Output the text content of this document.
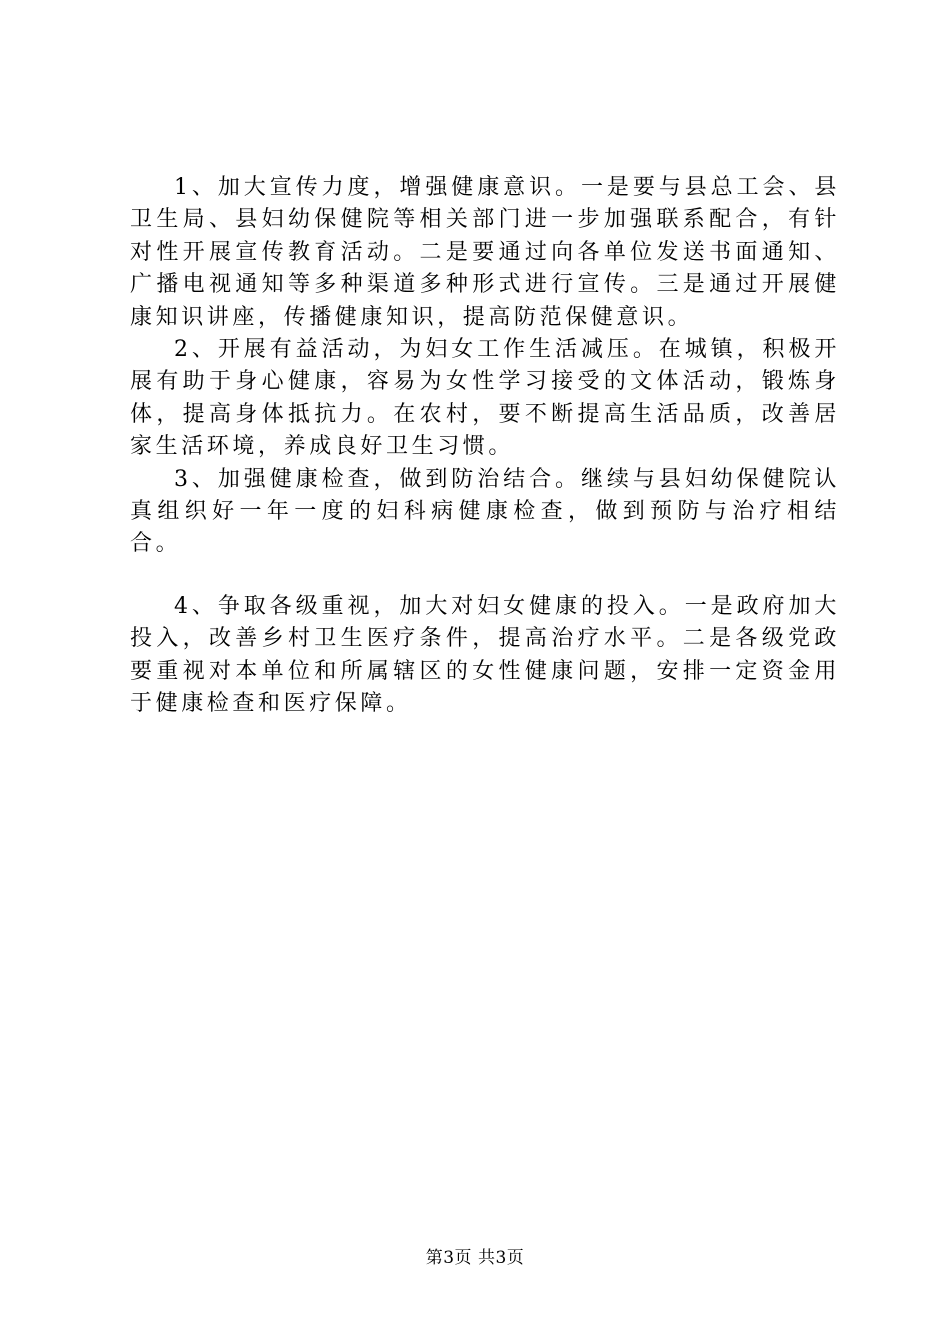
1、加大宣传力度，增强健康意识。一是要与县总工会、县卫生局、县妇幼保健院等相关部门进一步加强联系配合，有针对性开展宣传教育活动。二是要通过向各单位发送书面通知、广播电视通知等多种渠道多种形式进行宣传。三是通过开展健康知识讲座，传播健康知识，提高防范保健意识。

2、开展有益活动，为妇女工作生活减压。在城镇，积极开展有助于身心健康，容易为女性学习接受的文体活动，锻炼身体，提高身体抵抗力。在农村，要不断提高生活品质，改善居家生活环境，养成良好卫生习惯。

3、加强健康检查，做到防治结合。继续与县妇幼保健院认真组织好一年一度的妇科病健康检查，做到预防与治疗相结合。

4、争取各级重视，加大对妇女健康的投入。一是政府加大投入，改善乡村卫生医疗条件，提高治疗水平。二是各级党政要重视对本单位和所属辖区的女性健康问题，安排一定资金用于健康检查和医疗保障。

第3页 共3页
